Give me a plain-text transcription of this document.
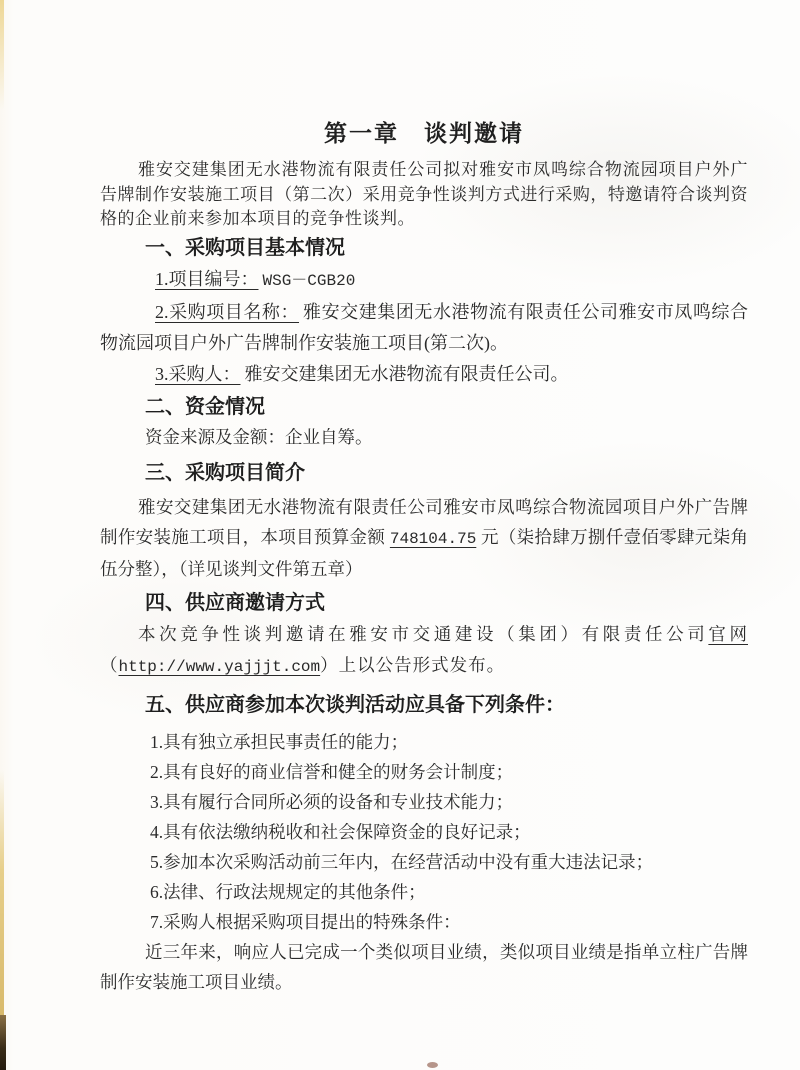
第一章　谈判邀请

雅安交建集团无水港物流有限责任公司拟对雅安市凤鸣综合物流园项目户外广告牌制作安装施工项目（第二次）采用竞争性谈判方式进行采购，特邀请符合谈判资格的企业前来参加本项目的竞争性谈判。

一、采购项目基本情况

1.项目编号： WSG－CGB20

2.采购项目名称： 雅安交建集团无水港物流有限责任公司雅安市凤鸣综合物流园项目户外广告牌制作安装施工项目(第二次)。

3.采购人： 雅安交建集团无水港物流有限责任公司。

二、资金情况

资金来源及金额：企业自筹。

三、采购项目简介

雅安交建集团无水港物流有限责任公司雅安市凤鸣综合物流园项目户外广告牌制作安装施工项目，本项目预算金额 748104.75 元（柒拾肆万捌仟壹佰零肆元柒角伍分整），（详见谈判文件第五章）

四、供应商邀请方式

本次竞争性谈判邀请在雅安市交通建设（集团）有限责任公司官网（http://www.yajjjt.com）上以公告形式发布。

五、供应商参加本次谈判活动应具备下列条件：

1.具有独立承担民事责任的能力；

2.具有良好的商业信誉和健全的财务会计制度；

3.具有履行合同所必须的设备和专业技术能力；

4.具有依法缴纳税收和社会保障资金的良好记录；

5.参加本次采购活动前三年内，在经营活动中没有重大违法记录；

6.法律、行政法规规定的其他条件；

7.采购人根据采购项目提出的特殊条件：

近三年来，响应人已完成一个类似项目业绩，类似项目业绩是指单立柱广告牌制作安装施工项目业绩。
